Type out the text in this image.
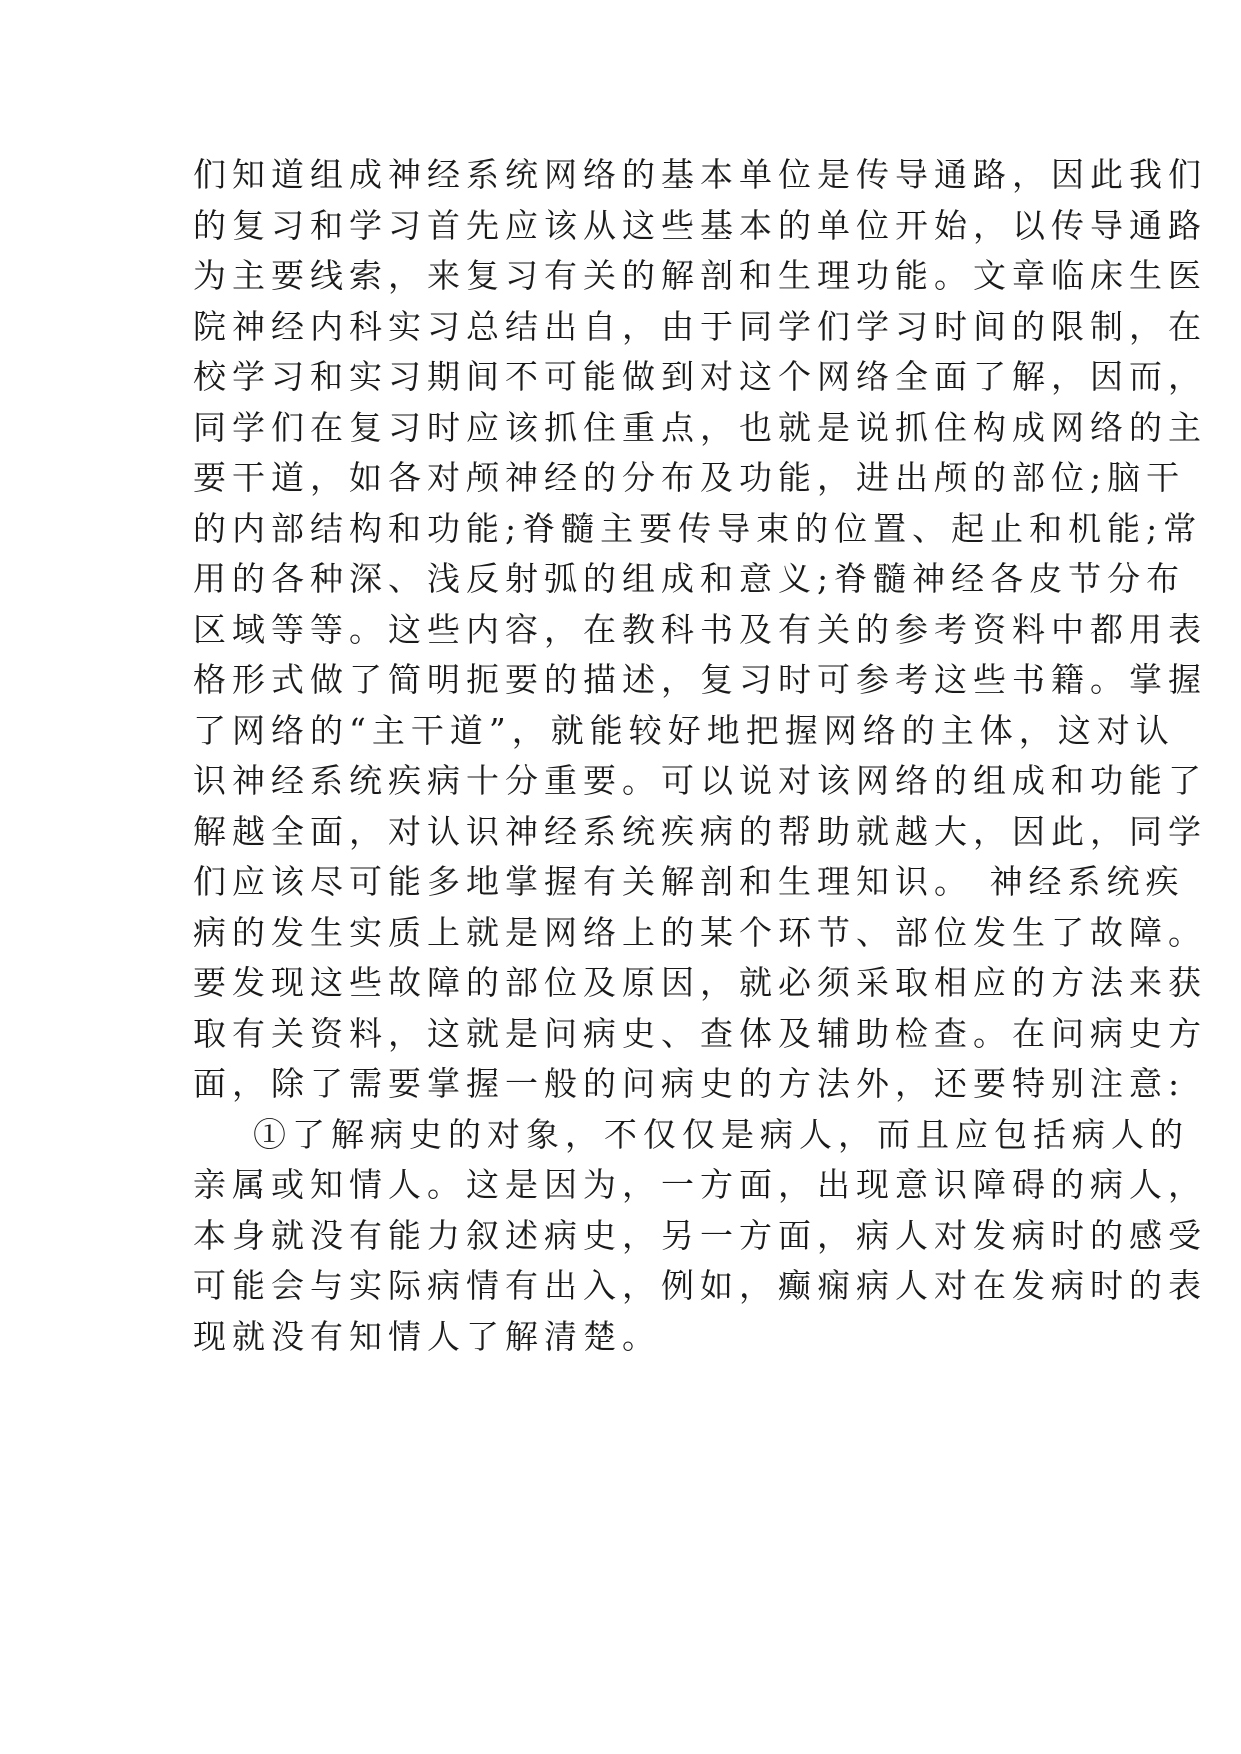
们知道组成神经系统网络的基本单位是传导通路，因此我们
的复习和学习首先应该从这些基本的单位开始，以传导通路
为主要线索，来复习有关的解剖和生理功能。文章临床生医
院神经内科实习总结出自，由于同学们学习时间的限制，在
校学习和实习期间不可能做到对这个网络全面了解，因而，
同学们在复习时应该抓住重点，也就是说抓住构成网络的主
要干道，如各对颅神经的分布及功能，进出颅的部位;脑干
的内部结构和功能;脊髓主要传导束的位置、起止和机能;常
用的各种深、浅反射弧的组成和意义;脊髓神经各皮节分布
区域等等。这些内容，在教科书及有关的参考资料中都用表
格形式做了简明扼要的描述，复习时可参考这些书籍。掌握
了网络的“主干道”，就能较好地把握网络的主体，这对认
识神经系统疾病十分重要。可以说对该网络的组成和功能了
解越全面，对认识神经系统疾病的帮助就越大，因此，同学
们应该尽可能多地掌握有关解剖和生理知识。 神经系统疾
病的发生实质上就是网络上的某个环节、部位发生了故障。
要发现这些故障的部位及原因，就必须采取相应的方法来获
取有关资料，这就是问病史、查体及辅助检查。在问病史方
面，除了需要掌握一般的问病史的方法外，还要特别注意:
①了解病史的对象，不仅仅是病人，而且应包括病人的
亲属或知情人。这是因为，一方面，出现意识障碍的病人，
本身就没有能力叙述病史，另一方面，病人对发病时的感受
可能会与实际病情有出入，例如，癫痫病人对在发病时的表
现就没有知情人了解清楚。
